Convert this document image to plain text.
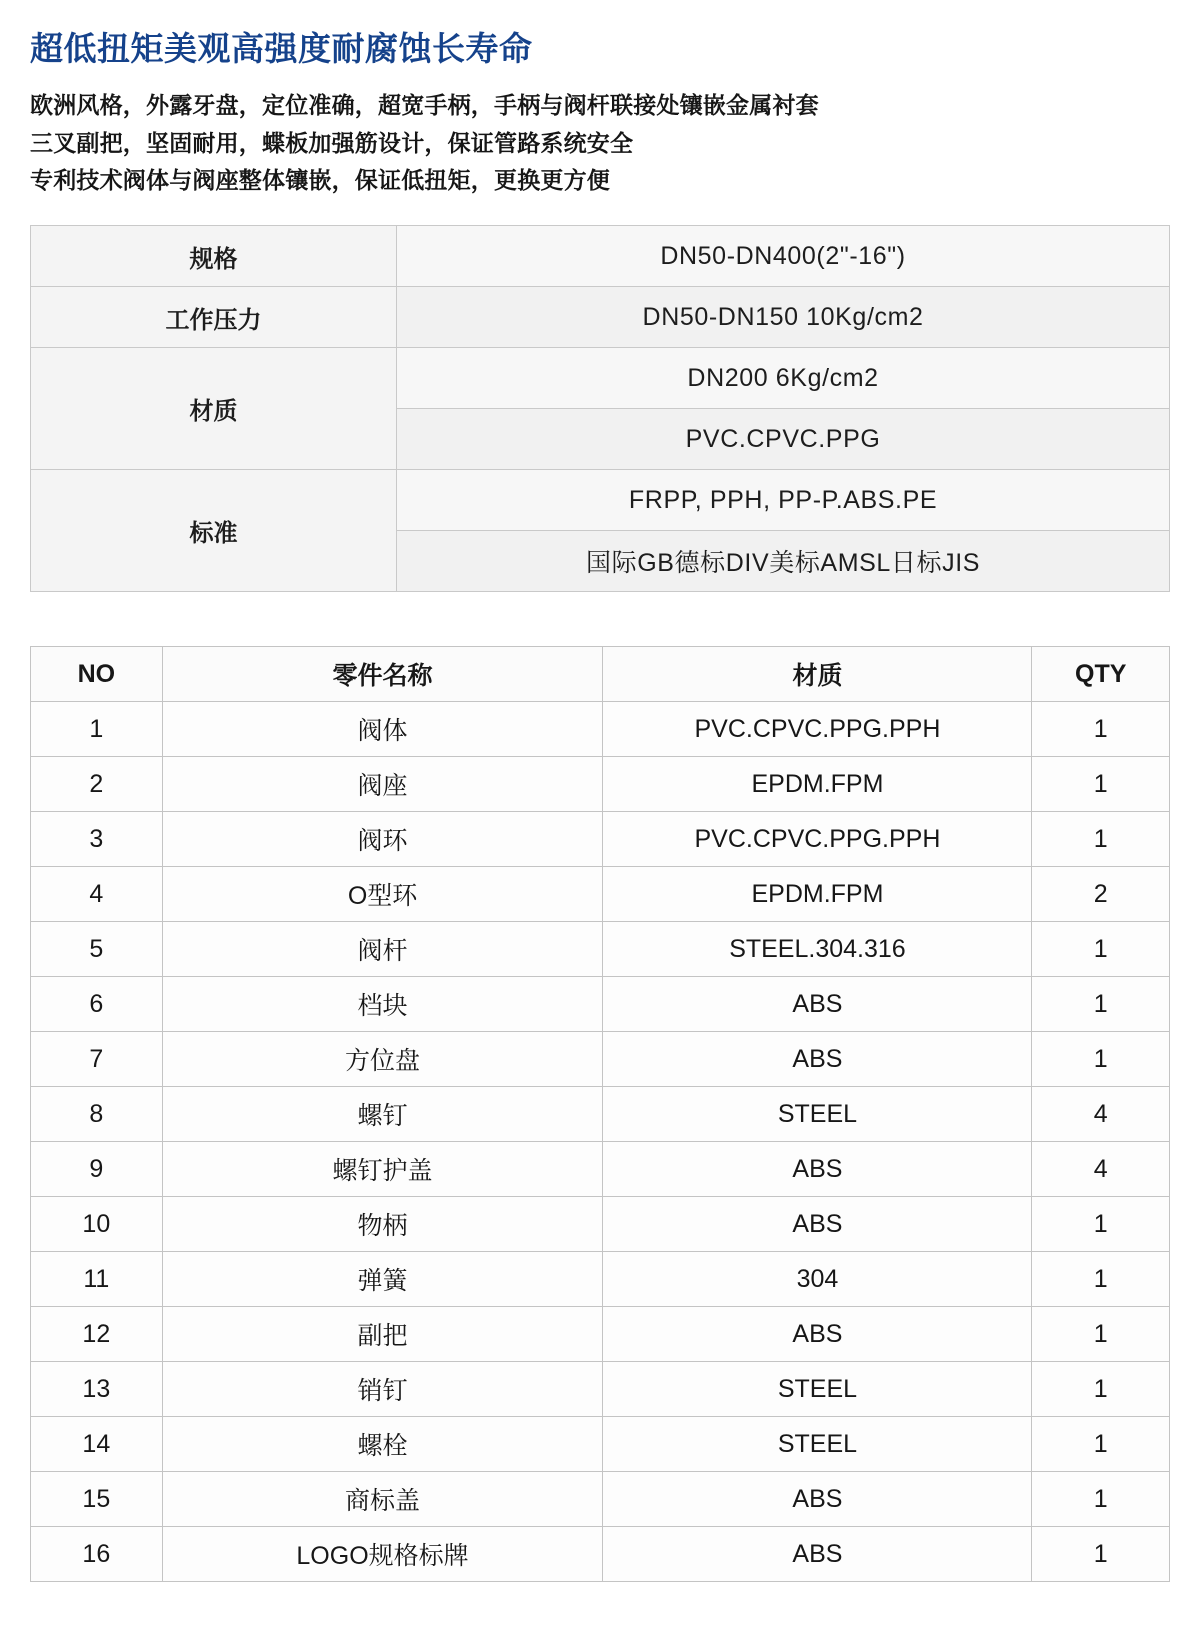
超低扭矩美观高强度耐腐蚀长寿命
欧洲风格，外露牙盘，定位准确，超宽手柄，手柄与阀杆联接处镶嵌金属衬套
三叉副把，坚固耐用，蝶板加强筋设计，保证管路系统安全
专利技术阀体与阀座整体镶嵌，保证低扭矩，更换更方便
规格	DN50-DN400(2"-16")
工作压力	DN50-DN150 10Kg/cm2
材质	DN200 6Kg/cm2
	PVC.CPVC.PPG
标准	FRPP, PPH, PP-P.ABS.PE
	国际GB德标DIV美标AMSL日标JIS
NO	零件名称	材质	QTY
1	阀体	PVC.CPVC.PPG.PPH	1
2	阀座	EPDM.FPM	1
3	阀环	PVC.CPVC.PPG.PPH	1
4	O型环	EPDM.FPM	2
5	阀杆	STEEL.304.316	1
6	档块	ABS	1
7	方位盘	ABS	1
8	螺钉	STEEL	4
9	螺钉护盖	ABS	4
10	物柄	ABS	1
11	弹簧	304	1
12	副把	ABS	1
13	销钉	STEEL	1
14	螺栓	STEEL	1
15	商标盖	ABS	1
16	LOGO规格标牌	ABS	1
